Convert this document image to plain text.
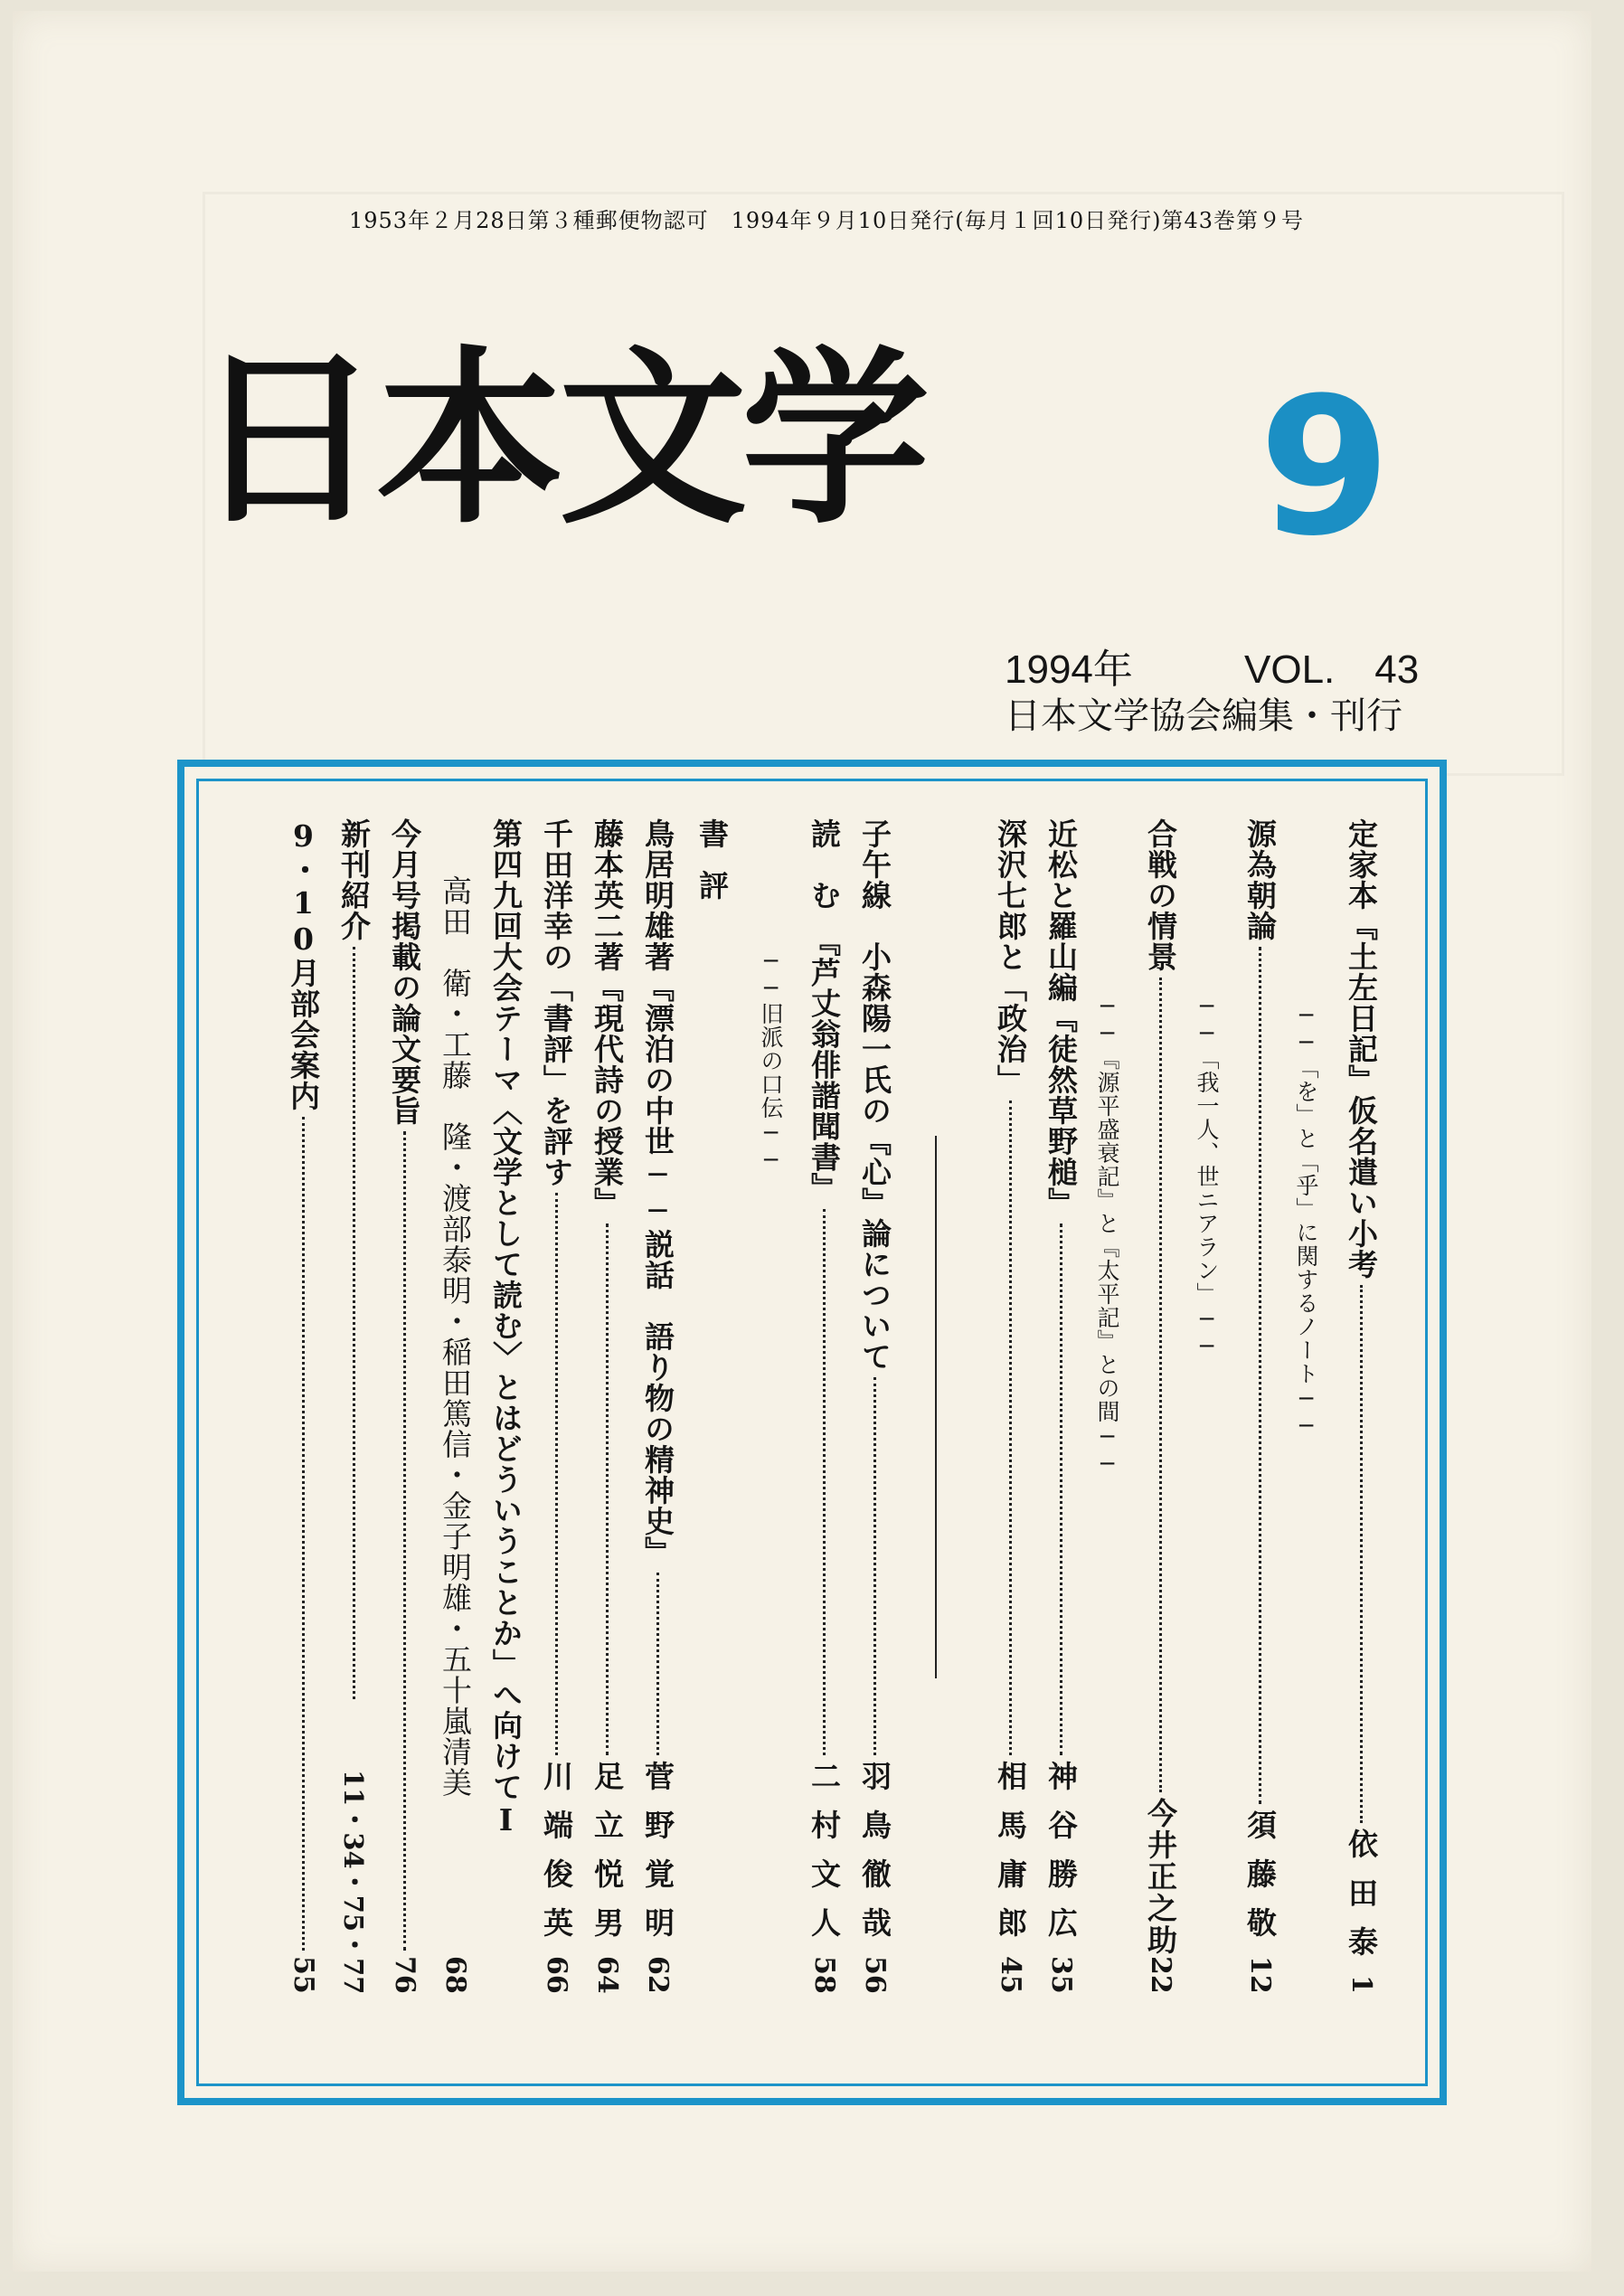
1953年２月28日第３種郵便物認可　1994年９月10日発行(毎月１回10日発行)第43巻第９号
日本文学 9
1994年	VOL.　43
日本文学協会編集・刊行
定家本『土左日記』仮名遣い小考
依田泰
1
──「を」と「乎」に関するノート──
源為朝論
須藤敬
12
──「我一人、世ニアラン」──
合戦の情景
今井正之助
22
──『源平盛衰記』と『太平記』との間──
近松と羅山編『徒然草野槌』
神谷勝広
35
深沢七郎と「政治」
相馬庸郎
45
子午線　小森陽一氏の『心』論について
羽鳥徹哉
56
読　む　『芦丈翁俳諧聞書』
二村文人
58
──旧派の口伝──
書評
鳥居明雄著『漂泊の中世──説話　語り物の精神史』
菅野覚明
62
藤本英二著『現代詩の授業』
足立悦男
64
千田洋幸の「書評」を評す
川端俊英
66
第四九回大会テーマ〈文学として読む〉とはどういうことか」へ向けてⅠ
高田　衛・工藤　隆・渡部泰明・稲田篤信・金子明雄・五十嵐清美
68
今月号掲載の論文要旨
76
新刊紹介
11・34・75・77
9・10月部会案内
55
